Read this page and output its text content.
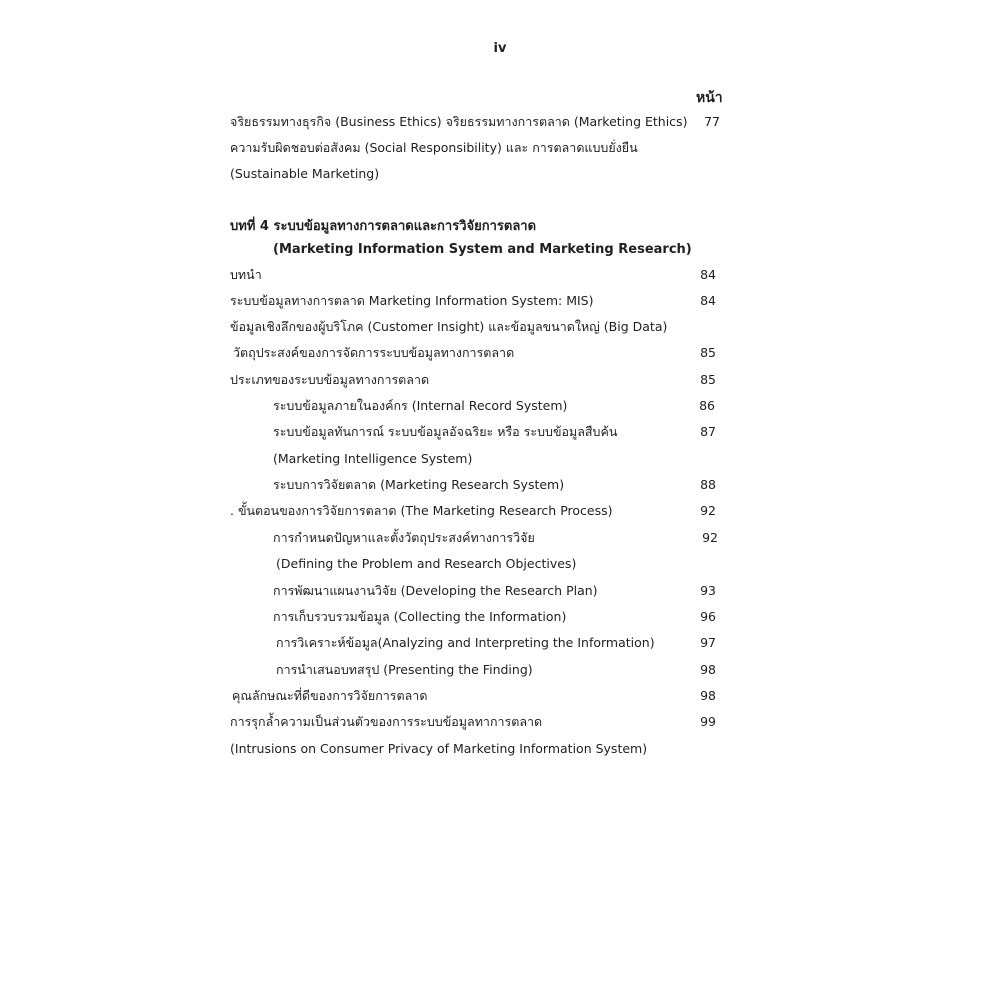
iv
หน้า
จริยธรรมทางธุรกิจ (Business Ethics) จริยธรรมทางการตลาด (Marketing Ethics)	77
ความรับผิดชอบต่อสังคม (Social Responsibility) และ การตลาดแบบยั่งยืน
(Sustainable Marketing)
บทที่ 4 ระบบข้อมูลทางการตลาดและการวิจัยการตลาด
(Marketing Information System and Marketing Research)
บทนำ	84
ระบบข้อมูลทางการตลาด Marketing Information System: MIS)	84
ข้อมูลเชิงลึกของผู้บริโภค (Customer Insight) และข้อมูลขนาดใหญ่ (Big Data)
วัตถุประสงค์ของการจัดการระบบข้อมูลทางการตลาด	85
ประเภทของระบบข้อมูลทางการตลาด	85
ระบบข้อมูลภายในองค์กร (Internal Record System)	86
ระบบข้อมูลทันการณ์ ระบบข้อมูลอัจฉริยะ หรือ ระบบข้อมูลสืบค้น	87
(Marketing Intelligence System)
ระบบการวิจัยตลาด (Marketing Research System)	88
. ขั้นตอนของการวิจัยการตลาด (The Marketing Research Process)	92
การกำหนดปัญหาและตั้งวัตถุประสงค์ทางการวิจัย	92
(Defining the Problem and Research Objectives)
การพัฒนาแผนงานวิจัย (Developing the Research Plan)	93
การเก็บรวบรวมข้อมูล (Collecting the Information)	96
การวิเคราะห์ข้อมูล(Analyzing and Interpreting the Information)	97
การนำเสนอบทสรุป (Presenting the Finding)	98
คุณลักษณะที่ดีของการวิจัยการตลาด	98
การรุกล้ำความเป็นส่วนตัวของการระบบข้อมูลทาการตลาด	99
(Intrusions on Consumer Privacy of Marketing Information System)
